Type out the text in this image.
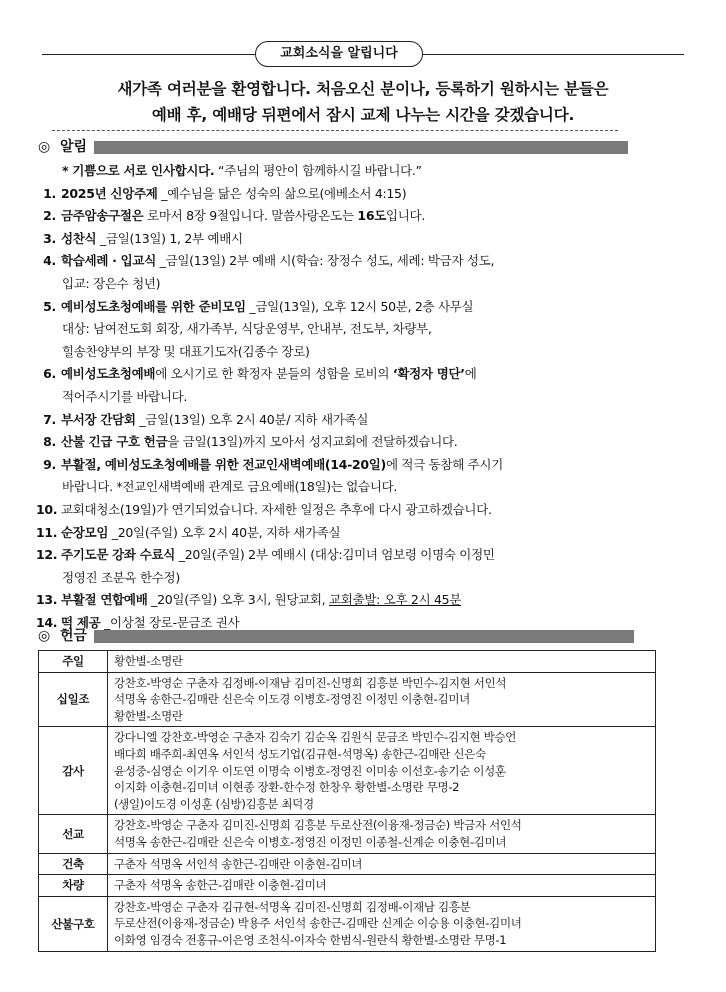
교회소식을 알립니다
새가족 여러분을 환영합니다. 처음오신 분이나, 등록하기 원하시는 분들은
예배 후, 예배당 뒤편에서 잠시 교제 나누는 시간을 갖겠습니다.
◎ 알림

* 기쁨으로 서로 인사합시다. “주님의 평안이 함께하시길 바랍니다.”

1. 2025년 신앙주제 _예수님을 닮은 성숙의 삶으로(에베소서 4:15)

2. 금주암송구절은 로마서 8장 9절입니다. 말씀사랑온도는 16도입니다.

3. 성찬식 _금일(13일) 1, 2부 예배시

4. 학습세례 · 입교식 _금일(13일) 2부 예배 시(학습: 장정수 성도, 세례: 박금자 성도,

입교: 장은수 청년)

5. 예비성도초청예배를 위한 준비모임 _금일(13일), 오후 12시 50분, 2층 사무실

대상: 남여전도회 회장, 새가족부, 식당운영부, 안내부, 전도부, 차량부,

힐송찬양부의 부장 및 대표기도자(김종수 장로)

6. 예비성도초청예배에 오시기로 한 확정자 분들의 성함을 로비의 ‘확정자 명단’에

적어주시기를 바랍니다.

7. 부서장 간담회 _금일(13일) 오후 2시 40분/ 지하 새가족실

8. 산불 긴급 구호 헌금을 금일(13일)까지 모아서 성지교회에 전달하겠습니다.

9. 부활절, 예비성도초청예배를 위한 전교인새벽예배(14-20일)에 적극 동참해 주시기

바랍니다. *전교인새벽예배 관계로 금요예배(18일)는 없습니다.

10. 교회대청소(19일)가 연기되었습니다. 자세한 일정은 추후에 다시 광고하겠습니다.

11. 순장모임 _20일(주일) 오후 2시 40분, 지하 새가족실

12. 주기도문 강좌 수료식 _20일(주일) 2부 예배시 (대상:김미녀 엄보령 이명숙 이정민

정영진 조분옥 한수정)

13. 부활절 연합예배 _20일(주일) 오후 3시, 원당교회, 교회출발: 오후 2시 45분

14. 떡 제공 _이상철 장로-문금조 권사

◎ 헌금
주일	황한별-소명란

십일조	강찬호-박영순 구춘자 김정배-이재남 김미진-신명희 김흥분 박민수-김지현 서인석
석명옥 송한근-김매란 신은숙 이도경 이병호-정영진 이정민 이충현-김미녀
황한별-소명란

감사	강다니엘 강찬호-박영순 구춘자 김숙기 김순옥 김원식 문금조 박민수-김지현 박승언
배다희 배주희-최연옥 서인석 성도기업(김규현-석명옥) 송한근-김매란 신은숙
윤성중-심영순 이기우 이도연 이명숙 이병호-정영진 이미송 이선호-송기순 이성훈
이지화 이충현-김미녀 이현종 장환-한수정 한창우 황한별-소명란 무명-2
(생일)이도경 이성훈 (심방)김흥분 최덕경

선교	강찬호-박영순 구춘자 김미진-신명희 김흥분 두로산전(이융재-정금순) 박금자 서인석
석명옥 송한근-김매란 신은숙 이병호-정영진 이정민 이종철-신계순 이충현-김미녀

건축	구춘자 석명옥 서인석 송한근-김매란 이충현-김미녀

차량	구춘자 석명옥 송한근-김매란 이충현-김미녀

산불구호	강찬호-박영순 구춘자 김규현-석명옥 김미진-신명희 김정배-이재남 김흥분
두로산전(이융재-정금순) 박용주 서인석 송한근-김매란 신계순 이승용 이충현-김미녀
이화영 임경숙 전홍규-이은영 조천식-이자숙 한범식-원란식 황한별-소명란 무명-1
